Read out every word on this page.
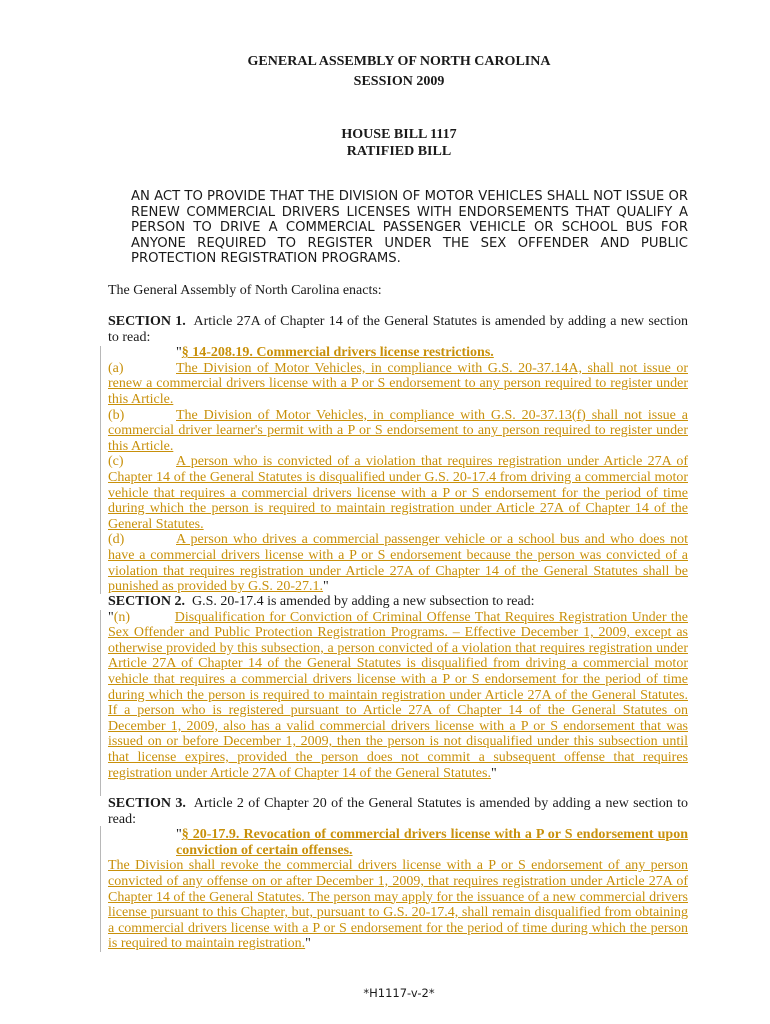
GENERAL ASSEMBLY OF NORTH CAROLINA
SESSION 2009
HOUSE BILL 1117
RATIFIED BILL
AN ACT TO PROVIDE THAT THE DIVISION OF MOTOR VEHICLES SHALL NOT ISSUE OR RENEW COMMERCIAL DRIVERS LICENSES WITH ENDORSEMENTS THAT QUALIFY A PERSON TO DRIVE A COMMERCIAL PASSENGER VEHICLE OR SCHOOL BUS FOR ANYONE REQUIRED TO REGISTER UNDER THE SEX OFFENDER AND PUBLIC PROTECTION REGISTRATION PROGRAMS.
The General Assembly of North Carolina enacts:
SECTION 1. Article 27A of Chapter 14 of the General Statutes is amended by adding a new section to read:
"§ 14-208.19. Commercial drivers license restrictions.
(a)	The Division of Motor Vehicles, in compliance with G.S. 20-37.14A, shall not issue or renew a commercial drivers license with a P or S endorsement to any person required to register under this Article.
(b)	The Division of Motor Vehicles, in compliance with G.S. 20-37.13(f) shall not issue a commercial driver learner's permit with a P or S endorsement to any person required to register under this Article.
(c)	A person who is convicted of a violation that requires registration under Article 27A of Chapter 14 of the General Statutes is disqualified under G.S. 20-17.4 from driving a commercial motor vehicle that requires a commercial drivers license with a P or S endorsement for the period of time during which the person is required to maintain registration under Article 27A of Chapter 14 of the General Statutes.
(d)	A person who drives a commercial passenger vehicle or a school bus and who does not have a commercial drivers license with a P or S endorsement because the person was convicted of a violation that requires registration under Article 27A of Chapter 14 of the General Statutes shall be punished as provided by G.S. 20-27.1."
SECTION 2. G.S. 20-17.4 is amended by adding a new subsection to read:
"(n)	Disqualification for Conviction of Criminal Offense That Requires Registration Under the Sex Offender and Public Protection Registration Programs. – Effective December 1, 2009, except as otherwise provided by this subsection, a person convicted of a violation that requires registration under Article 27A of Chapter 14 of the General Statutes is disqualified from driving a commercial motor vehicle that requires a commercial drivers license with a P or S endorsement for the period of time during which the person is required to maintain registration under Article 27A of the General Statutes. If a person who is registered pursuant to Article 27A of Chapter 14 of the General Statutes on December 1, 2009, also has a valid commercial drivers license with a P or S endorsement that was issued on or before December 1, 2009, then the person is not disqualified under this subsection until that license expires, provided the person does not commit a subsequent offense that requires registration under Article 27A of Chapter 14 of the General Statutes."
SECTION 3. Article 2 of Chapter 20 of the General Statutes is amended by adding a new section to read:
"§ 20-17.9. Revocation of commercial drivers license with a P or S endorsement upon conviction of certain offenses.
The Division shall revoke the commercial drivers license with a P or S endorsement of any person convicted of any offense on or after December 1, 2009, that requires registration under Article 27A of Chapter 14 of the General Statutes. The person may apply for the issuance of a new commercial drivers license pursuant to this Chapter, but, pursuant to G.S. 20-17.4, shall remain disqualified from obtaining a commercial drivers license with a P or S endorsement for the period of time during which the person is required to maintain registration."
*H1117-v-2*
